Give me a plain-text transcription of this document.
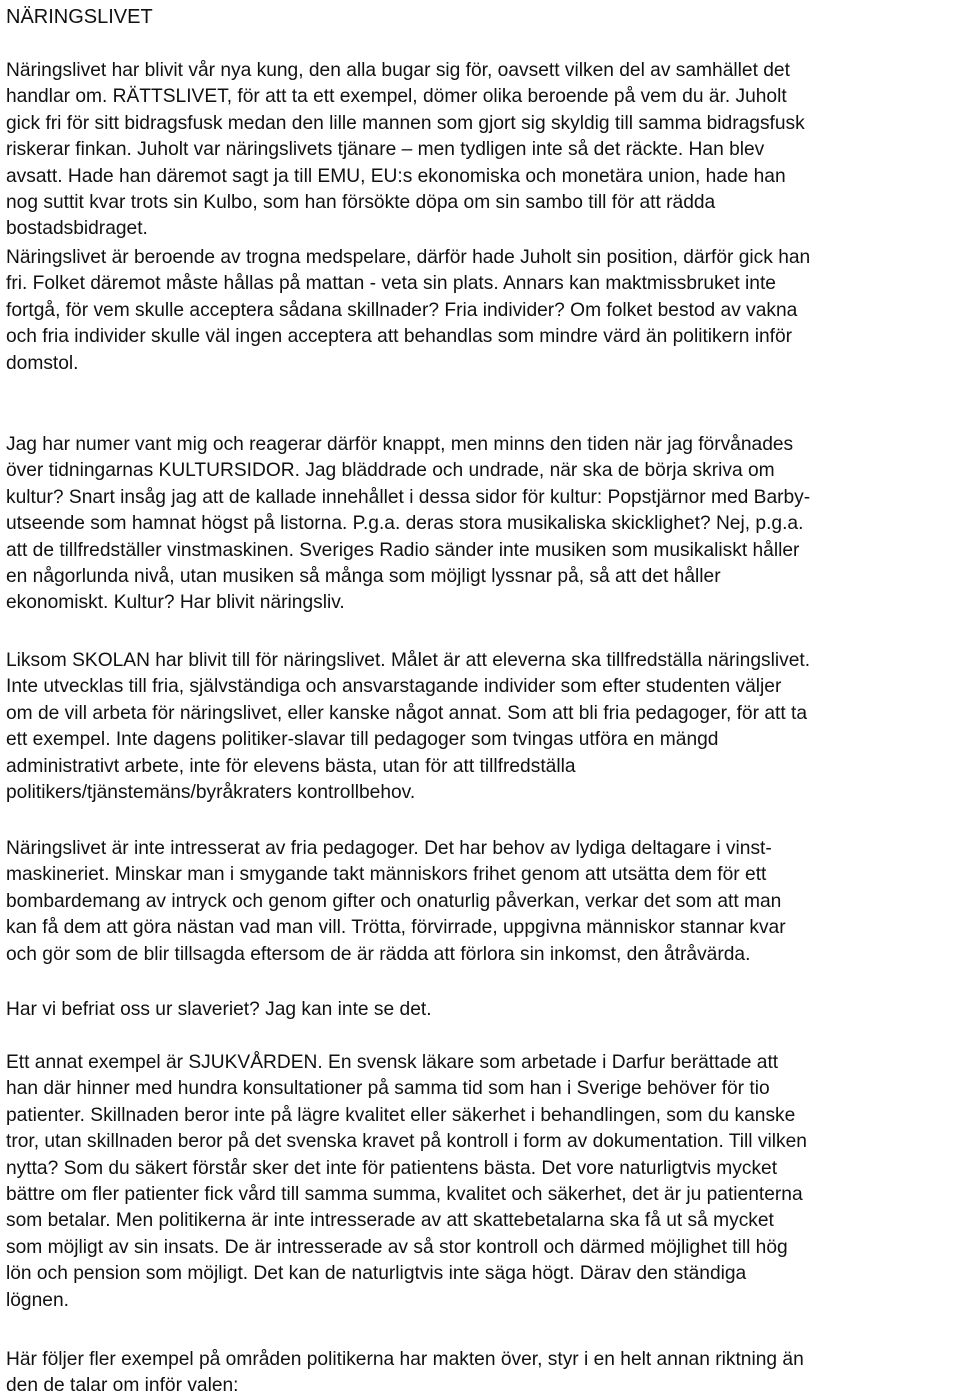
NÄRINGSLIVET

Näringslivet har blivit vår nya kung, den alla bugar sig för, oavsett vilken del av samhället det
handlar om. RÄTTSLIVET, för att ta ett exempel, dömer olika beroende på vem du är. Juholt
gick fri för sitt bidragsfusk medan den lille mannen som gjort sig skyldig till samma bidragsfusk
riskerar finkan. Juholt var näringslivets tjänare – men tydligen inte så det räckte. Han blev
avsatt. Hade han däremot sagt ja till EMU, EU:s ekonomiska och monetära union, hade han
nog suttit kvar trots sin Kulbo, som han försökte döpa om sin sambo till för att rädda
bostadsbidraget.

Näringslivet är beroende av trogna medspelare, därför hade Juholt sin position, därför gick han
fri. Folket däremot måste hållas på mattan - veta sin plats. Annars kan maktmissbruket inte
fortgå, för vem skulle acceptera sådana skillnader? Fria individer? Om folket bestod av vakna
och fria individer skulle väl ingen acceptera att behandlas som mindre värd än politikern inför
domstol.

Jag har numer vant mig och reagerar därför knappt, men minns den tiden när jag förvånades
över tidningarnas KULTURSIDOR. Jag bläddrade och undrade, när ska de börja skriva om
kultur? Snart insåg jag att de kallade innehållet i dessa sidor för kultur: Popstjärnor med Barby-
utseende som hamnat högst på listorna. P.g.a. deras stora musikaliska skicklighet? Nej, p.g.a.
att de tillfredställer vinstmaskinen. Sveriges Radio sänder inte musiken som musikaliskt håller
en någorlunda nivå, utan musiken så många som möjligt lyssnar på, så att det håller
ekonomiskt. Kultur? Har blivit näringsliv.

Liksom SKOLAN har blivit till för näringslivet. Målet är att eleverna ska tillfredställa näringslivet.
Inte utvecklas till fria, självständiga och ansvarstagande individer som efter studenten väljer
om de vill arbeta för näringslivet, eller kanske något annat. Som att bli fria pedagoger, för att ta
ett exempel. Inte dagens politiker-slavar till pedagoger som tvingas utföra en mängd
administrativt arbete, inte för elevens bästa, utan för att tillfredställa
politikers/tjänstemäns/byråkraters kontrollbehov.

Näringslivet är inte intresserat av fria pedagoger. Det har behov av lydiga deltagare i vinst-
maskineriet. Minskar man i smygande takt människors frihet genom att utsätta dem för ett
bombardemang av intryck och genom gifter och onaturlig påverkan, verkar det som att man
kan få dem att göra nästan vad man vill. Trötta, förvirrade, uppgivna människor stannar kvar
och gör som de blir tillsagda eftersom de är rädda att förlora sin inkomst, den åtråvärda.

Har vi befriat oss ur slaveriet? Jag kan inte se det.

Ett annat exempel är SJUKVÅRDEN. En svensk läkare som arbetade i Darfur berättade att
han där hinner med hundra konsultationer på samma tid som han i Sverige behöver för tio
patienter. Skillnaden beror inte på lägre kvalitet eller säkerhet i behandlingen, som du kanske
tror, utan skillnaden beror på det svenska kravet på kontroll i form av dokumentation. Till vilken
nytta? Som du säkert förstår sker det inte för patientens bästa. Det vore naturligtvis mycket
bättre om fler patienter fick vård till samma summa, kvalitet och säkerhet, det är ju patienterna
som betalar. Men politikerna är inte intresserade av att skattebetalarna ska få ut så mycket
som möjligt av sin insats. De är intresserade av så stor kontroll och därmed möjlighet till hög
lön och pension som möjligt. Det kan de naturligtvis inte säga högt. Därav den ständiga
lögnen.

Här följer fler exempel på områden politikerna har makten över, styr i en helt annan riktning än
den de talar om inför valen:
